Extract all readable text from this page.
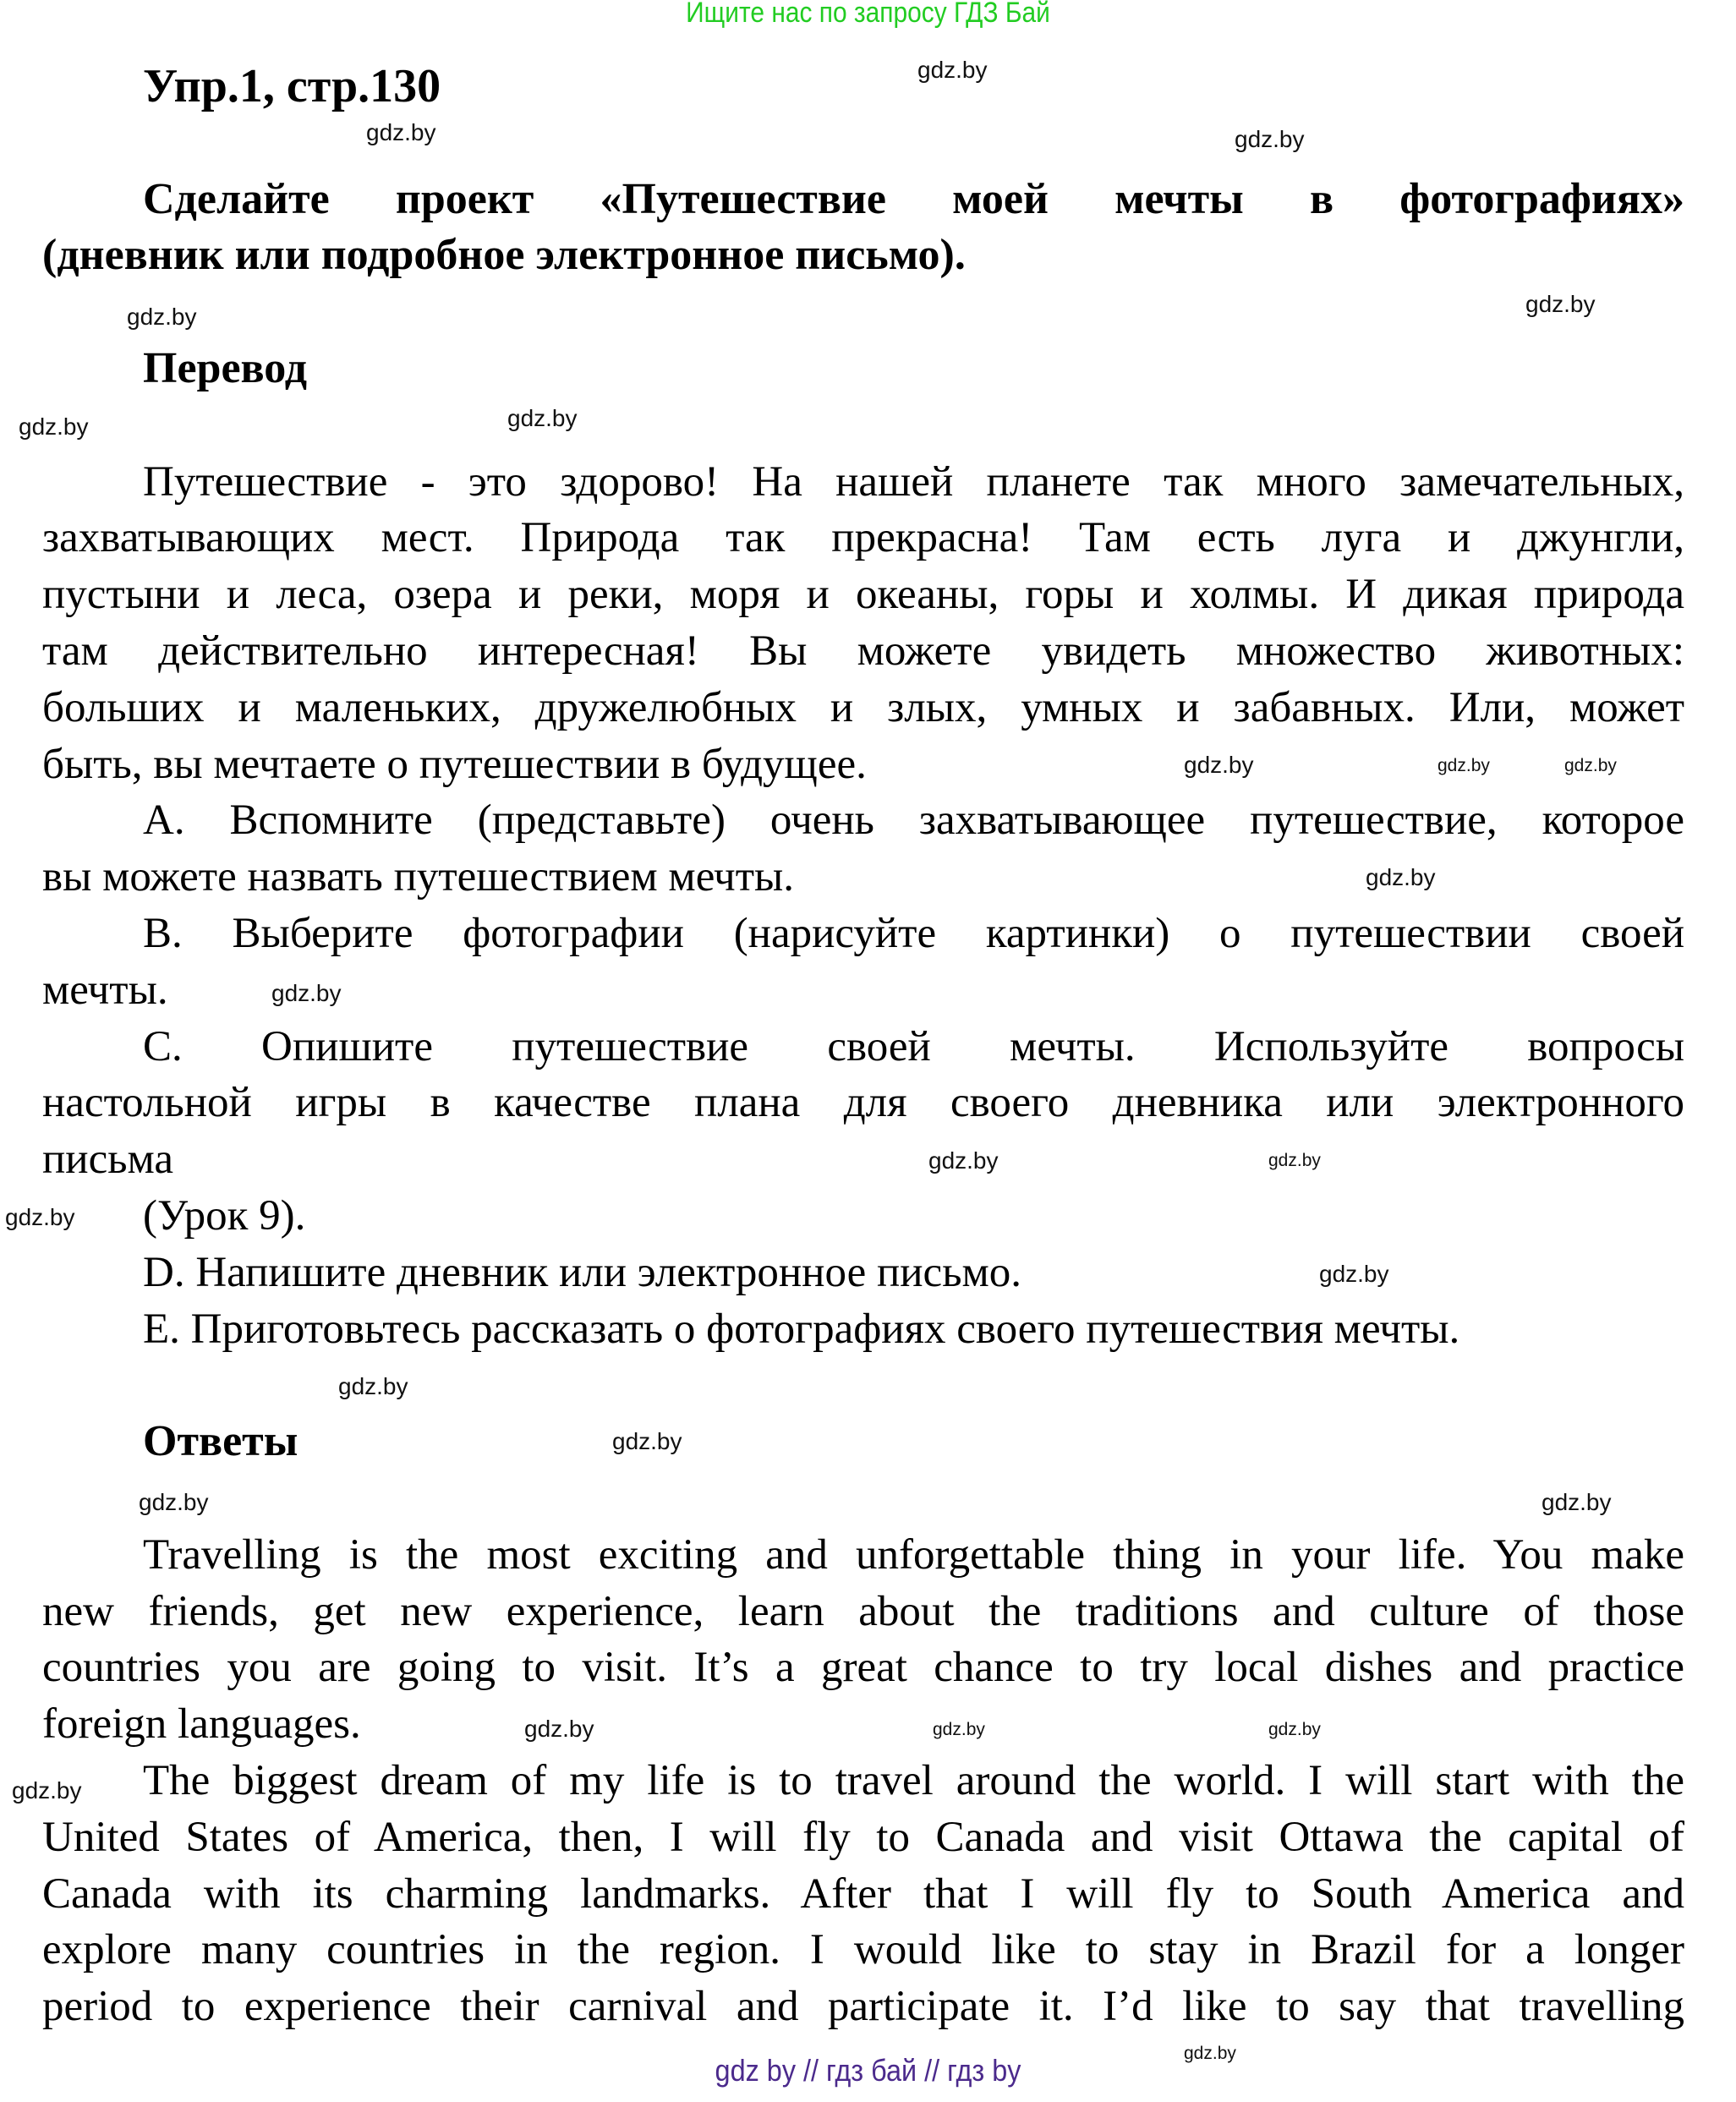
Ищите нас по запросу ГДЗ Бай
Упр.1, стр.130
Сделайте проект «Путешествие моей мечты в фотографиях»
(дневник или подробное электронное письмо).
Перевод
Путешествие - это здорово! На нашей планете так много замечательных,
захватывающих мест. Природа так прекрасна! Там есть луга и джунгли,
пустыни и леса, озера и реки, моря и океаны, горы и холмы. И дикая природа
там действительно интересная! Вы можете увидеть множество животных:
больших и маленьких, дружелюбных и злых, умных и забавных. Или, может
быть, вы мечтаете о путешествии в будущее.
A. Вспомните (представьте) очень захватывающее путешествие, которое
вы можете назвать путешествием мечты.
B. Выберите фотографии (нарисуйте картинки) о путешествии своей
мечты.
C. Опишите путешествие своей мечты. Используйте вопросы
настольной игры в качестве плана для своего дневника или электронного
письма
(Урок 9).
D. Напишите дневник или электронное письмо.
E. Приготовьтесь рассказать о фотографиях своего путешествия мечты.
Ответы
Travelling is the most exciting and unforgettable thing in your life. You make
new friends, get new experience, learn about the traditions and culture of those
countries you are going to visit. It’s a great chance to try local dishes and practice
foreign languages.
The biggest dream of my life is to travel around the world. I will start with the
United States of America, then, I will fly to Canada and visit Ottawa the capital of
Canada with its charming landmarks. After that I will fly to South America and
explore many countries in the region. I would like to stay in Brazil for a longer
period to experience their carnival and participate it. I’d like to say that travelling
gdz.by
gdz.by	gdz.by
gdz.by
gdz.by
gdz.by
gdz.by
gdz.by	gdz.by
gdz.by
gdz.by
gdz.by
gdz.by
gdz.by
gdz.by
gdz.by
gdz.by
gdz.by
gdz.by	gdz.by
gdz.by
gdz.by
gdz.by
gdz.by
gdz.by
gdz by // гдз бай // гдз by
